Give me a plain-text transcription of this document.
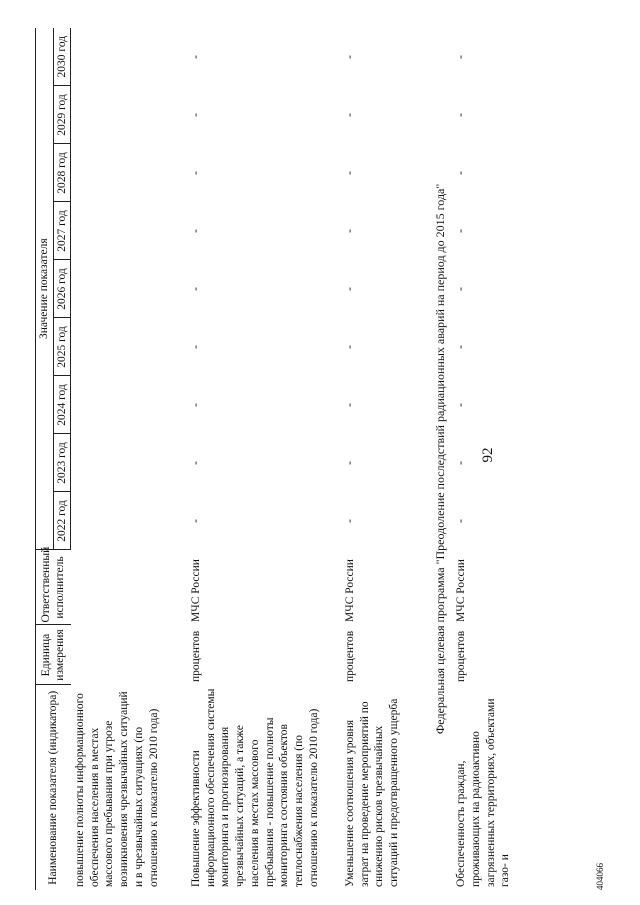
Наименование показателя (индикатора)	Единица измерения	Ответственный исполнитель	Значение показателя								
			2022 год	2023 год	2024 год	2025 год	2026 год	2027 год	2028 год	2029 год	2030 год
повышение полноты информационного обеспечения населения в местах массового пребывания при угрозе возникновения чрезвычайных ситуаций и в чрезвычайных ситуациях (по отношению к показателю 2010 года)											
Повышение эффективности информационного обеспечения системы мониторинга и прогнозирования чрезвычайных ситуаций, а также населения в местах массового пребывания - повышение полноты мониторинга состояния объектов теплоснабжения населения (по отношению к показателю 2010 года)	процентов	МЧС России	-	-	-	-	-	-	-	-	-
Уменьшение соотношения уровня затрат на проведение мероприятий по снижению рисков чрезвычайных ситуаций и предотвращенного ущерба	процентов	МЧС России	-	-	-	-	-	-	-	-	-
Федеральная целевая программа "Преодоление последствий радиационных аварий на период до 2015 года"											
Обеспеченность граждан, проживающих на радиоактивно загрязненных территориях, объектами газо- и	процентов	МЧС России	-	-	-	-	-	-	-	-	-
92
404066
